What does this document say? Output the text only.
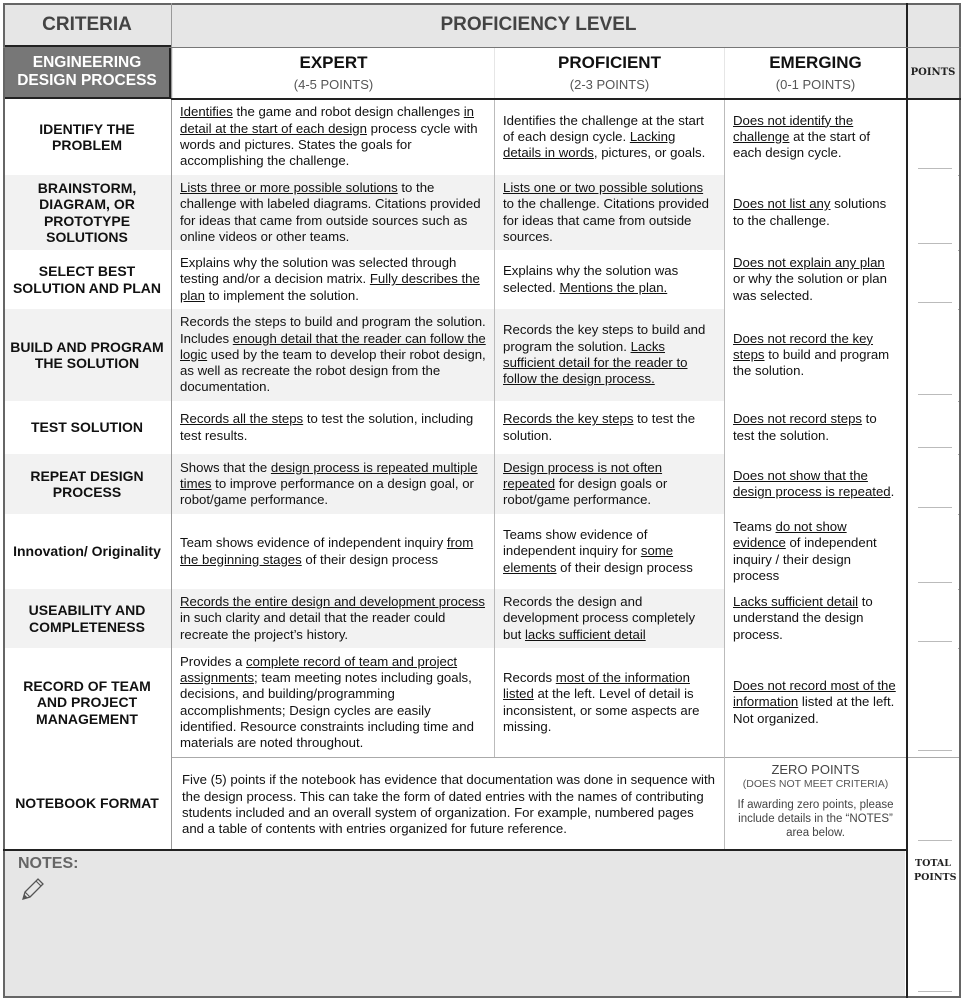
CRITERIA	PROFICIENCY LEVEL
ENGINEERING DESIGN PROCESS
EXPERT
(4-5 POINTS)
PROFICIENT
(2-3 POINTS)
EMERGING
(0-1 POINTS)
POINTS
IDENTIFY THE PROBLEM
Identifies the game and robot design challenges in detail at the start of each design process cycle with words and pictures. States the goals for accomplishing the challenge.
Identifies the challenge at the start of each design cycle. Lacking details in words, pictures, or goals.
Does not identify the challenge at the start of each design cycle.
BRAINSTORM, DIAGRAM, OR PROTOTYPE SOLUTIONS
Lists three or more possible solutions to the challenge with labeled diagrams. Citations provided for ideas that came from outside sources such as online videos or other teams.
Lists one or two possible solutions to the challenge. Citations provided for ideas that came from outside sources.
Does not list any solutions to the challenge.
SELECT BEST SOLUTION AND PLAN
Explains why the solution was selected through testing and/or a decision matrix. Fully describes the plan to implement the solution.
Explains why the solution was selected. Mentions the plan.
Does not explain any plan or why the solution or plan was selected.
BUILD AND PROGRAM THE SOLUTION
Records the steps to build and program the solution. Includes enough detail that the reader can follow the logic used by the team to develop their robot design, as well as recreate the robot design from the documentation.
Records the key steps to build and program the solution. Lacks sufficient detail for the reader to follow the design process.
Does not record the key steps to build and program the solution.
TEST SOLUTION
Records all the steps to test the solution, including test results.
Records the key steps to test the solution.
Does not record steps to test the solution.
REPEAT DESIGN PROCESS
Shows that the design process is repeated multiple times to improve performance on a design goal, or robot/game performance.
Design process is not often repeated for design goals or robot/game performance.
Does not show that the design process is repeated.
Innovation/ Originality
Team shows evidence of independent inquiry from the beginning stages of their design process
Teams show evidence of independent inquiry for some elements of their design process
Teams do not show evidence of independent inquiry / their design process
USEABILITY AND COMPLETENESS
Records the entire design and development process in such clarity and detail that the reader could recreate the project’s history.
Records the design and development process completely but lacks sufficient detail
Lacks sufficient detail to understand the design process.
RECORD OF TEAM AND PROJECT MANAGEMENT
Provides a complete record of team and project assignments; team meeting notes including goals, decisions, and building/programming accomplishments; Design cycles are easily identified. Resource constraints including time and materials are noted throughout.
Records most of the information listed at the left. Level of detail is inconsistent, or some aspects are missing.
Does not record most of the information listed at the left. Not organized.
NOTEBOOK FORMAT
Five (5) points if the notebook has evidence that documentation was done in sequence with the design process. This can take the form of dated entries with the names of contributing students included and an overall system of organization. For example, numbered pages and a table of contents with entries organized for future reference.
ZERO POINTS
(DOES NOT MEET CRITERIA)
If awarding zero points, please include details in the “NOTES” area below.
NOTES:	TOTAL POINTS
